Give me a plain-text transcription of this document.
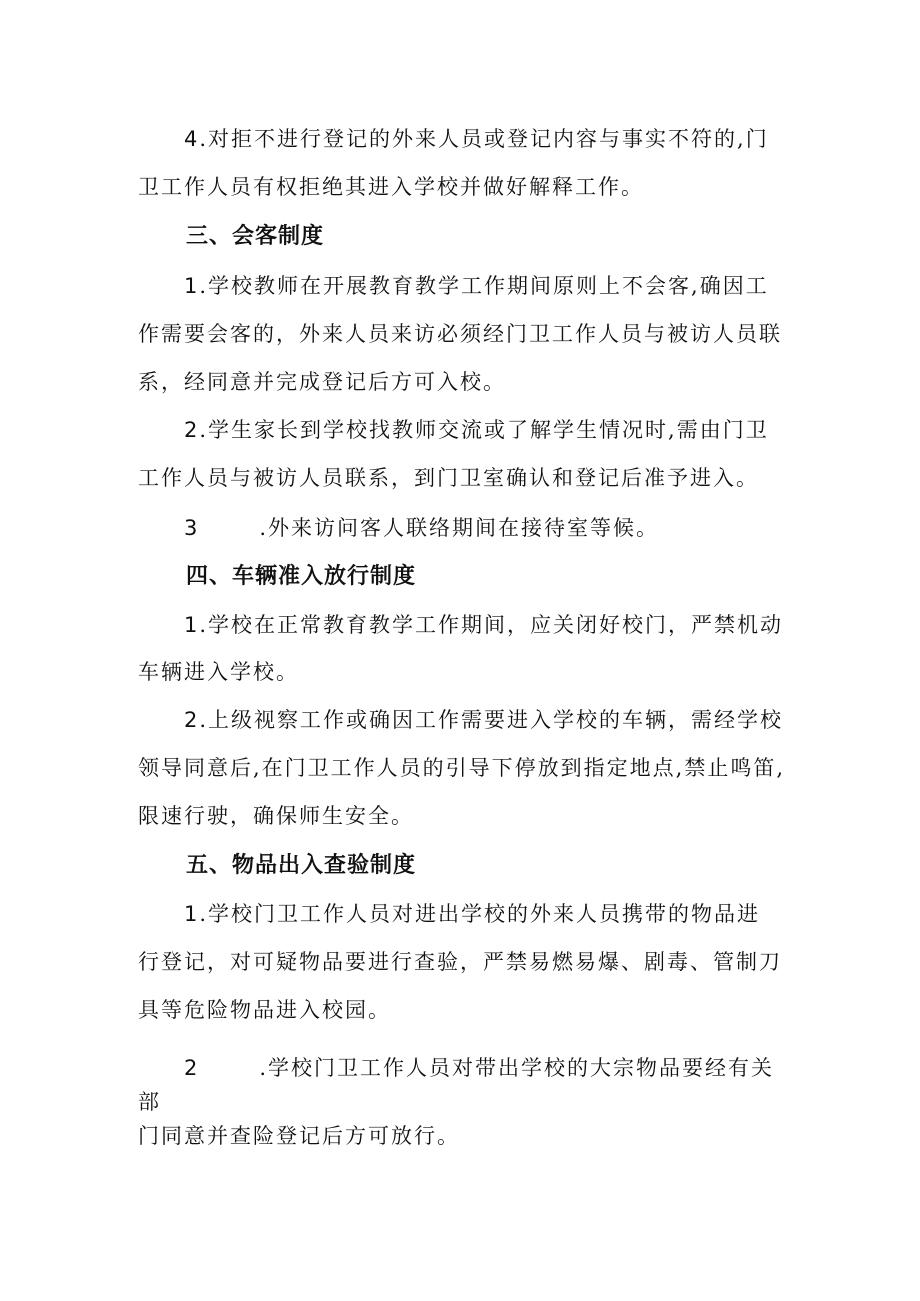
4.对拒不进行登记的外来人员或登记内容与事实不符的,门
卫工作人员有权拒绝其进入学校并做好解释工作。
三、会客制度
1.学校教师在开展教育教学工作期间原则上不会客,确因工
作需要会客的，外来人员来访必须经门卫工作人员与被访人员联
系，经同意并完成登记后方可入校。
2.学生家长到学校找教师交流或了解学生情况时,需由门卫
工作人员与被访人员联系，到门卫室确认和登记后准予进入。
3	.外来访问客人联络期间在接待室等候。
四、车辆准入放行制度
1.学校在正常教育教学工作期间，应关闭好校门，严禁机动
车辆进入学校。
2.上级视察工作或确因工作需要进入学校的车辆，需经学校
领导同意后,在门卫工作人员的引导下停放到指定地点,禁止鸣笛,
限速行驶，确保师生安全。
五、物品出入查验制度
1.学校门卫工作人员对进出学校的外来人员携带的物品进
行登记，对可疑物品要进行查验，严禁易燃易爆、剧毒、管制刀
具等危险物品进入校园。
2	.学校门卫工作人员对带出学校的大宗物品要经有关
部
门同意并查险登记后方可放行。
